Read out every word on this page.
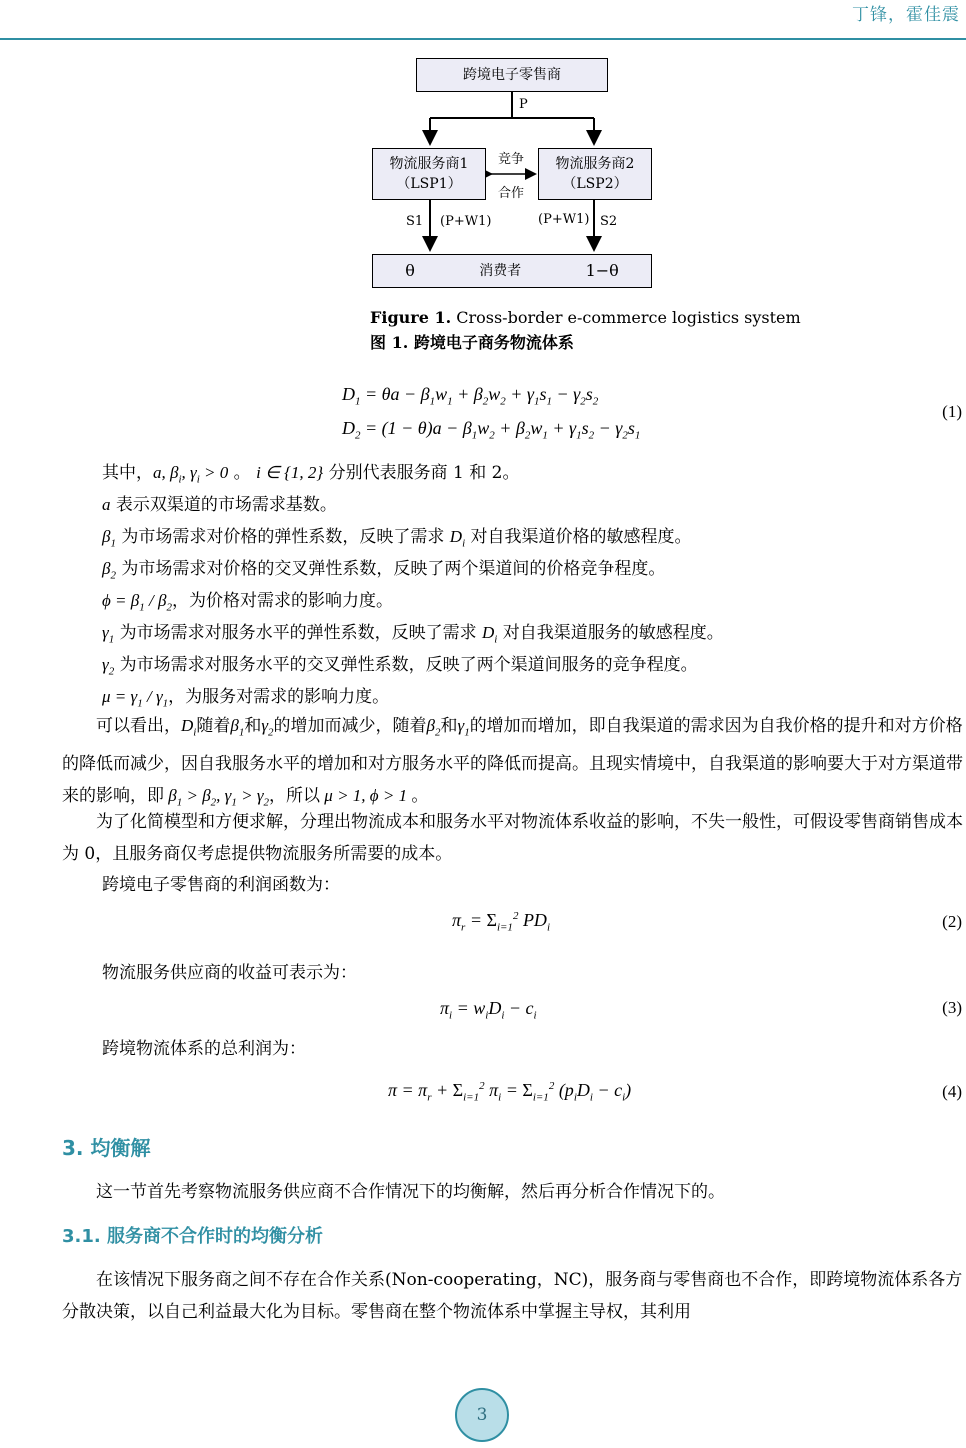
丁锋，霍佳震
跨境电子零售商
P
物流服务商1
（LSP1）
物流服务商2
（LSP2）
竞争
合作
S1 (P+W1)	(P+W1) S2
θ	消费者	1−θ
Figure 1. Cross-border e-commerce logistics system
图 1. 跨境电子商务物流体系
$D_1 = \theta a - \beta_1w_1 + \beta_2w_2 + \gamma_1s_1 - \gamma_2s_2$
$D_2 = (1 - \theta)a - \beta_1w_2 + \beta_2w_1 + \gamma_1s_2 - \gamma_2s_1$
(1)
其中，a, $\beta_i$, $\gamma_i > 0$ 。 i ∈ {1, 2} 分别代表服务商 1 和 2。
a 表示双渠道的市场需求基数。
$\beta_1$ 为市场需求对价格的弹性系数，反映了需求 $D_i$ 对自我渠道价格的敏感程度。
$\beta_2$ 为市场需求对价格的交叉弹性系数，反映了两个渠道间的价格竞争程度。
$\phi = \beta_1 / \beta_2$，为价格对需求的影响力度。
$\gamma_1$ 为市场需求对服务水平的弹性系数，反映了需求 $D_i$ 对自我渠道服务的敏感程度。
$\gamma_2$ 为市场需求对服务水平的交叉弹性系数，反映了两个渠道间服务的竞争程度。
$\mu = \gamma_1 / \gamma_1$，为服务对需求的影响力度。
可以看出，$D_i$随着$\beta_1$和$\gamma_2$的增加而减少，随着$\beta_2$和$\gamma_1$的增加而增加，即自我渠道的需求因为自我价格的提升和对方价格的降低而减少，因自我服务水平的增加和对方服务水平的降低而提高。且现实情境中，自我渠道的影响要大于对方渠道带来的影响，即 $\beta_1 > \beta_2$, $\gamma_1 > \gamma_2$，所以 μ > 1, ϕ > 1 。
为了化简模型和方便求解，分理出物流成本和服务水平对物流体系收益的影响，不失一般性，可假设零售商销售成本为 0，且服务商仅考虑提供物流服务所需要的成本。
跨境电子零售商的利润函数为：
$\pi_r = \Sigma_{i=1}^2$ $PD_i$	(2)
物流服务供应商的收益可表示为：
$\pi_i = w_iD_i - c_i$	(3)
跨境物流体系的总利润为：
$\pi = \pi_r + \Sigma_{i=1}^2$ $\pi_i = \Sigma_{i=1}^2$ $(p_iD_i - c_i)$	(4)
3. 均衡解
这一节首先考察物流服务供应商不合作情况下的均衡解，然后再分析合作情况下的。
3.1. 服务商不合作时的均衡分析
在该情况下服务商之间不存在合作关系(Non-cooperating，NC)，服务商与零售商也不合作，即跨境物流体系各方分散决策，以自己利益最大化为目标。零售商在整个物流体系中掌握主导权，其利用
3
